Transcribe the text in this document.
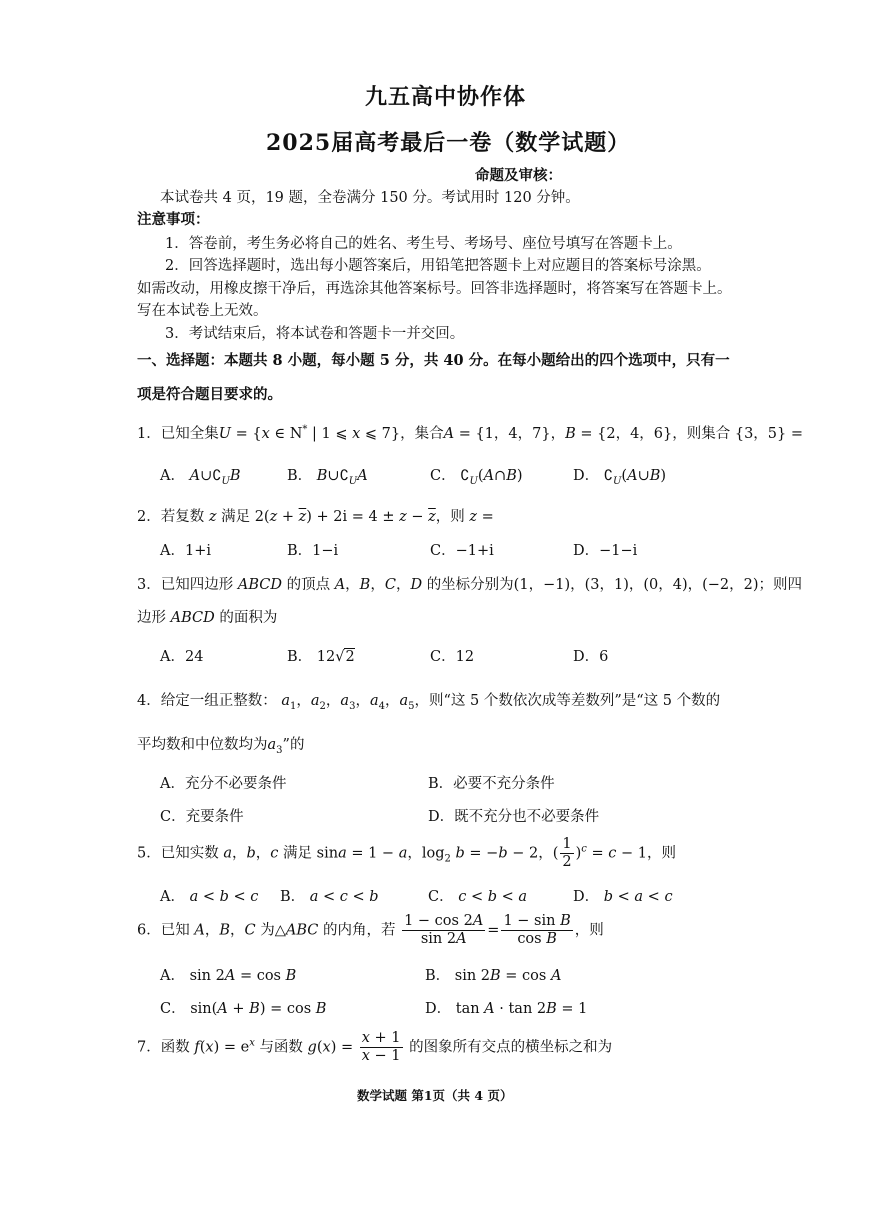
九五高中协作体
2025届高考最后一卷（数学试题）
命题及审核：
本试卷共 4 页，19 题，全卷满分 150 分。考试用时 120 分钟。
注意事项：
1．答卷前，考生务必将自己的姓名、考生号、考场号、座位号填写在答题卡上。
2．回答选择题时，选出每小题答案后，用铅笔把答题卡上对应题目的答案标号涂黑。
如需改动，用橡皮擦干净后，再选涂其他答案标号。回答非选择题时，将答案写在答题卡上。
写在本试卷上无效。
3．考试结束后，将本试卷和答题卡一并交回。
一、选择题：本题共 8 小题，每小题 5 分，共 40 分。在每小题给出的四个选项中，只有一
项是符合题目要求的。
1．已知全集U = {x ∈ N* | 1 ⩽ x ⩽ 7}，集合A = {1，4，7}，B = {2，4，6}，则集合 {3，5} =
A． $A\cup∁_UB$	B． $B\cup∁_UA$	C． $∁_U(A\cap B)$	D． $∁_U(A\cup B)$
2．若复数 z 满足 $2(z + \overline{z}) + 2i = 4 \pm z - \overline{z}$，则 z =
A．1+i	B．1−i	C．−1+i	D．−1−i
3．已知四边形 ABCD 的顶点 A，B，C，D 的坐标分别为(1，−1)，(3，1)，(0，4)，(−2，2)；则四
边形 ABCD 的面积为
A．24	B． 12√2	C．12	D．6
4．给定一组正整数： $a_1$，$a_2$，$a_3$，$a_4$，$a_5$，则“这 5 个数依次成等差数列”是“这 5 个数的
平均数和中位数均为$a_3$”的
A．充分不必要条件	B．必要不充分条件
C．充要条件	D．既不充分也不必要条件
5．已知实数 a，b，c 满足 sina = 1 − a，$\log_2 b = -b - 2$，( $\frac{1}{2} )^c = c - 1$，则
A． a < b < c B． a < c < b	C． c < b < a	D． b < a < c
6．已知 A，B，C 为△ABC 的内角，若 $\frac{1 - \cos 2A}{\sin 2A} = \frac{\text{1 − sin B}}{\text{cos B}}$ ，则
A． sin 2A = cos B	B． sin 2B = cos A
C． sin(A + B) = cos B	D． tan A · tan 2B = 1
7．函数 $f(x) = e^x$ 与函数 $g(x) = \frac{x + 1}{x - 1}$ 的图象所有交点的横坐标之和为
数学试题 第1页（共 4 页）
